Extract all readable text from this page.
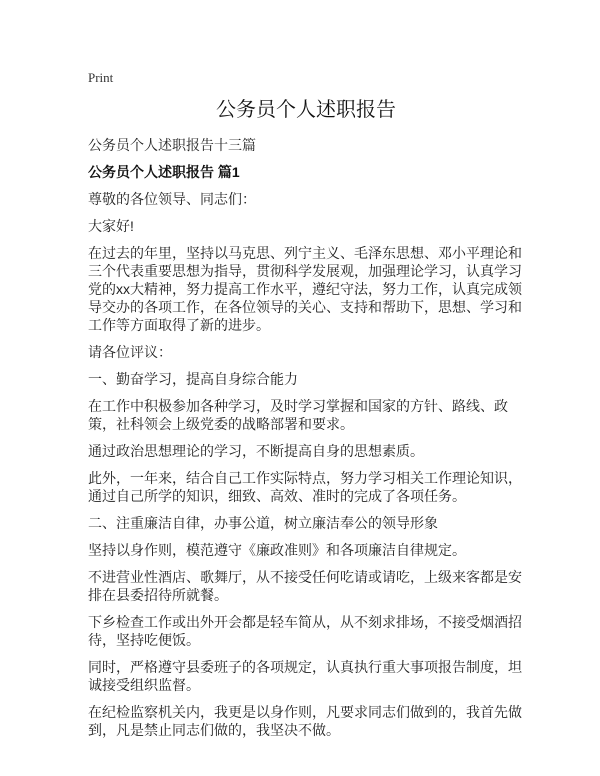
Print
公务员个人述职报告

公务员个人述职报告十三篇

公务员个人述职报告 篇1

尊敬的各位领导、同志们：

大家好!

在过去的年里，坚持以马克思、列宁主义、毛泽东思想、邓小平理论和三个代表重要思想为指导，贯彻科学发展观，加强理论学习，认真学习党的xx大精神，努力提高工作水平，遵纪守法，努力工作，认真完成领导交办的各项工作，在各位领导的关心、支持和帮助下，思想、学习和工作等方面取得了新的进步。

请各位评议：

一、勤奋学习，提高自身综合能力

在工作中积极参加各种学习，及时学习掌握和国家的方针、路线、政策，社科领会上级党委的战略部署和要求。

通过政治思想理论的学习，不断提高自身的思想素质。

此外，一年来，结合自己工作实际特点，努力学习相关工作理论知识，通过自己所学的知识，细致、高效、准时的完成了各项任务。

二、注重廉洁自律，办事公道，树立廉洁奉公的领导形象

坚持以身作则，模范遵守《廉政准则》和各项廉洁自律规定。

不进营业性酒店、歌舞厅，从不接受任何吃请或请吃，上级来客都是安排在县委招待所就餐。

下乡检查工作或出外开会都是轻车简从，从不刻求排场，不接受烟酒招待，坚持吃便饭。

同时，严格遵守县委班子的各项规定，认真执行重大事项报告制度，坦诚接受组织监督。

在纪检监察机关内，我更是以身作则，凡要求同志们做到的，我首先做到，凡是禁止同志们做的，我坚决不做。
